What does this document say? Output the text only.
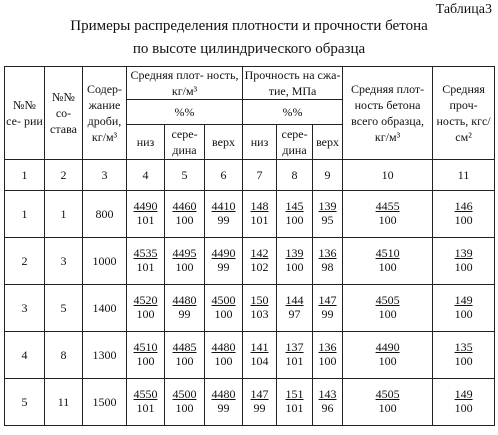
Таблица3
Примеры распределения плотности и прочности бетона
по высоте цилиндрического образца
№№ се- рии	№№ со- става	Содер- жание дроби, кг/м³	Средняя плот- ность, кг/м³			Прочность на сжа- тие, МПа			Средняя плот- ность бетона всего образца, кг/м³	Средняя проч- ность, кгс/см²
			%%			%%				
			низ	сере- дина	верх	низ	сере- дина	верх		
1	2	3	4	5	6	7	8	9	10	11
1	1	800	$\frac{4490}{101}$	$\frac{4460}{100}$	$\frac{4410}{99}$	$\frac{148}{101}$	$\frac{145}{100}$	$\frac{139}{95}$	$\frac{4455}{100}$	$\frac{146}{100}$

2	3	1000	$\frac{4535}{101}$	$\frac{4495}{100}$	$\frac{4490}{99}$	$\frac{142}{102}$	$\frac{139}{100}$	$\frac{136}{98}$	$\frac{4510}{100}$	$\frac{139}{100}$

3	5	1400	$\frac{4520}{100}$	$\frac{4480}{99}$	$\frac{4500}{100}$	$\frac{150}{103}$	$\frac{144}{97}$	$\frac{147}{99}$	$\frac{4505}{100}$	$\frac{149}{100}$

4	8	1300	$\frac{4510}{100}$	$\frac{4485}{100}$	$\frac{4480}{100}$	$\frac{141}{104}$	$\frac{137}{101}$	$\frac{136}{100}$	$\frac{4490}{100}$	$\frac{135}{100}$

5	11	1500	$\frac{4550}{101}$	$\frac{4500}{100}$	$\frac{4480}{99}$	$\frac{147}{99}$	$\frac{151}{101}$	$\frac{143}{96}$	$\frac{4505}{100}$	$\frac{149}{100}$
